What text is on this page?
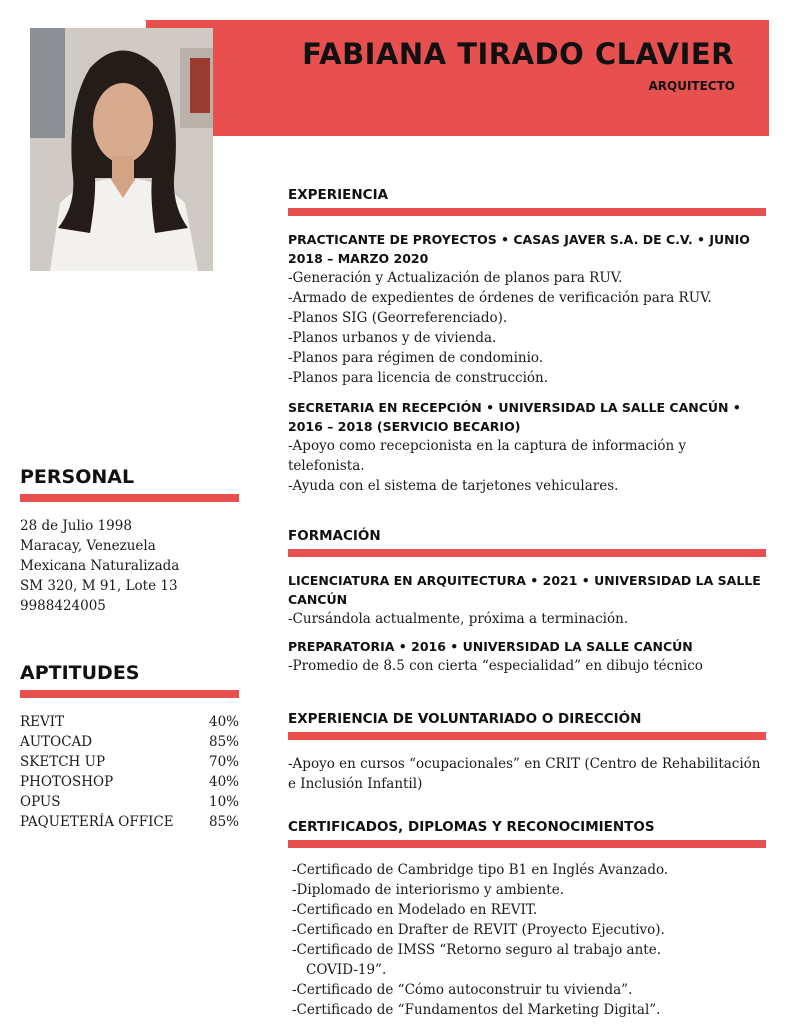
FABIANA TIRADO CLAVIER
ARQUITECTO
PERSONAL
28 de Julio 1998
Maracay, Venezuela
Mexicana Naturalizada
SM 320, M 91, Lote 13
9988424005
APTITUDES
REVIT	40%
AUTOCAD	85%
SKETCH UP	70%
PHOTOSHOP	40%
OPUS	10%
PAQUETERÍA OFFICE	85%
EXPERIENCIA
PRACTICANTE DE PROYECTOS • CASAS JAVER S.A. DE C.V. • JUNIO 2018 – MARZO 2020
-Generación y Actualización de planos para RUV.
-Armado de expedientes de órdenes de verificación para RUV.
-Planos SIG (Georreferenciado).
-Planos urbanos y de vivienda.
-Planos para régimen de condominio.
-Planos para licencia de construcción.
SECRETARIA EN RECEPCIÓN • UNIVERSIDAD LA SALLE CANCÚN • 2016 – 2018 (SERVICIO BECARIO)
-Apoyo como recepcionista en la captura de información y telefonista.
-Ayuda con el sistema de tarjetones vehiculares.
FORMACIÓN
LICENCIATURA EN ARQUITECTURA • 2021 • UNIVERSIDAD LA SALLE CANCÚN
-Cursándola actualmente, próxima a terminación.
PREPARATORIA • 2016 • UNIVERSIDAD LA SALLE CANCÚN
-Promedio de 8.5 con cierta “especialidad” en dibujo técnico
EXPERIENCIA DE VOLUNTARIADO O DIRECCIÓN
-Apoyo en cursos “ocupacionales” en CRIT (Centro de Rehabilitación e Inclusión Infantil)
CERTIFICADOS, DIPLOMAS Y RECONOCIMIENTOS
-Certificado de Cambridge tipo B1 en Inglés Avanzado.
-Diplomado de interiorismo y ambiente.
-Certificado en Modelado en REVIT.
-Certificado en Drafter de REVIT (Proyecto Ejecutivo).
-Certificado de IMSS “Retorno seguro al trabajo ante.
COVID-19”.
-Certificado de “Cómo autoconstruir tu vivienda”.
-Certificado de “Fundamentos del Marketing Digital”.
